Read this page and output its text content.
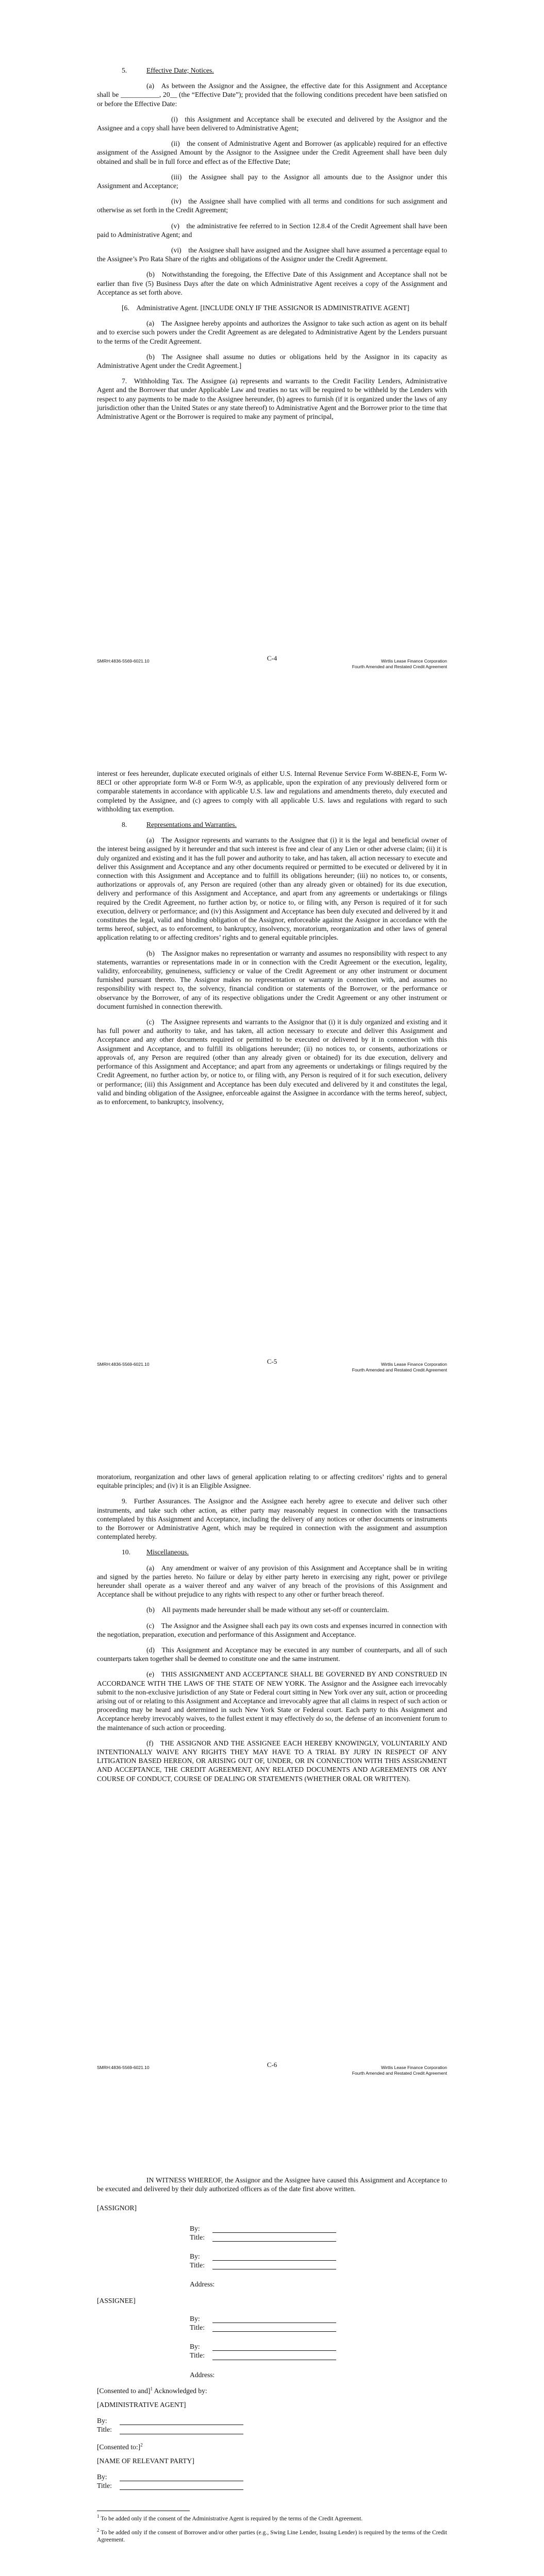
5.	Effective Date; Notices.

(a) As between the Assignor and the Assignee, the effective date for this Assignment and Acceptance shall be ___________, 20__ (the “Effective Date”); provided that the following conditions precedent have been satisfied on or before the Effective Date:

(i) this Assignment and Acceptance shall be executed and delivered by the Assignor and the Assignee and a copy shall have been delivered to Administrative Agent;

(ii) the consent of Administrative Agent and Borrower (as applicable) required for an effective assignment of the Assigned Amount by the Assignor to the Assignee under the Credit Agreement shall have been duly obtained and shall be in full force and effect as of the Effective Date;

(iii) the Assignee shall pay to the Assignor all amounts due to the Assignor under this Assignment and Acceptance;

(iv) the Assignee shall have complied with all terms and conditions for such assignment and otherwise as set forth in the Credit Agreement;

(v) the administrative fee referred to in Section 12.8.4 of the Credit Agreement shall have been paid to Administrative Agent; and

(vi) the Assignee shall have assigned and the Assignee shall have assumed a percentage equal to the Assignee’s Pro Rata Share of the rights and obligations of the Assignor under the Credit Agreement.

(b) Notwithstanding the foregoing, the Effective Date of this Assignment and Acceptance shall not be earlier than five (5) Business Days after the date on which Administrative Agent receives a copy of the Assignment and Acceptance as set forth above.

[6. Administrative Agent. [INCLUDE ONLY IF THE ASSIGNOR IS ADMINISTRATIVE AGENT]

(a) The Assignee hereby appoints and authorizes the Assignor to take such action as agent on its behalf and to exercise such powers under the Credit Agreement as are delegated to Administrative Agent by the Lenders pursuant to the terms of the Credit Agreement.

(b) The Assignee shall assume no duties or obligations held by the Assignor in its capacity as Administrative Agent under the Credit Agreement.]

7. Withholding Tax. The Assignee (a) represents and warrants to the Credit Facility Lenders, Administrative Agent and the Borrower that under Applicable Law and treaties no tax will be required to be withheld by the Lenders with respect to any payments to be made to the Assignee hereunder, (b) agrees to furnish (if it is organized under the laws of any jurisdiction other than the United States or any state thereof) to Administrative Agent and the Borrower prior to the time that Administrative Agent or the Borrower is required to make any payment of principal,

SMRH:4836-5569-6021.10	C-4	Wirtlis Lease Finance Corporation
Fourth Amended and Restated Credit Agreement

interest or fees hereunder, duplicate executed originals of either U.S. Internal Revenue Service Form W-8BEN-E, Form W-8ECI or other appropriate form W-8 or Form W-9, as applicable, upon the expiration of any previously delivered form or comparable statements in accordance with applicable U.S. law and regulations and amendments thereto, duly executed and completed by the Assignee, and (c) agrees to comply with all applicable U.S. laws and regulations with regard to such withholding tax exemption.

8.	Representations and Warranties.

(a) The Assignor represents and warrants to the Assignee that (i) it is the legal and beneficial owner of the interest being assigned by it hereunder and that such interest is free and clear of any Lien or other adverse claim; (ii) it is duly organized and existing and it has the full power and authority to take, and has taken, all action necessary to execute and deliver this Assignment and Acceptance and any other documents required or permitted to be executed or delivered by it in connection with this Assignment and Acceptance and to fulfill its obligations hereunder; (iii) no notices to, or consents, authorizations or approvals of, any Person are required (other than any already given or obtained) for its due execution, delivery and performance of this Assignment and Acceptance, and apart from any agreements or undertakings or filings required by the Credit Agreement, no further action by, or notice to, or filing with, any Person is required of it for such execution, delivery or performance; and (iv) this Assignment and Acceptance has been duly executed and delivered by it and constitutes the legal, valid and binding obligation of the Assignor, enforceable against the Assignor in accordance with the terms hereof, subject, as to enforcement, to bankruptcy, insolvency, moratorium, reorganization and other laws of general application relating to or affecting creditors’ rights and to general equitable principles.

(b) The Assignor makes no representation or warranty and assumes no responsibility with respect to any statements, warranties or representations made in or in connection with the Credit Agreement or the execution, legality, validity, enforceability, genuineness, sufficiency or value of the Credit Agreement or any other instrument or document furnished pursuant thereto. The Assignor makes no representation or warranty in connection with, and assumes no responsibility with respect to, the solvency, financial condition or statements of the Borrower, or the performance or observance by the Borrower, of any of its respective obligations under the Credit Agreement or any other instrument or document furnished in connection therewith.

(c) The Assignee represents and warrants to the Assignor that (i) it is duly organized and existing and it has full power and authority to take, and has taken, all action necessary to execute and deliver this Assignment and Acceptance and any other documents required or permitted to be executed or delivered by it in connection with this Assignment and Acceptance, and to fulfill its obligations hereunder; (ii) no notices to, or consents, authorizations or approvals of, any Person are required (other than any already given or obtained) for its due execution, delivery and performance of this Assignment and Acceptance; and apart from any agreements or undertakings or filings required by the Credit Agreement, no further action by, or notice to, or filing with, any Person is required of it for such execution, delivery or performance; (iii) this Assignment and Acceptance has been duly executed and delivered by it and constitutes the legal, valid and binding obligation of the Assignee, enforceable against the Assignee in accordance with the terms hereof, subject, as to enforcement, to bankruptcy, insolvency,

SMRH:4836-5569-6021.10	C-5	Wirtlis Lease Finance Corporation
Fourth Amended and Restated Credit Agreement

moratorium, reorganization and other laws of general application relating to or affecting creditors’ rights and to general equitable principles; and (iv) it is an Eligible Assignee.

9. Further Assurances. The Assignor and the Assignee each hereby agree to execute and deliver such other instruments, and take such other action, as either party may reasonably request in connection with the transactions contemplated by this Assignment and Acceptance, including the delivery of any notices or other documents or instruments to the Borrower or Administrative Agent, which may be required in connection with the assignment and assumption contemplated hereby.

10. Miscellaneous.

(a) Any amendment or waiver of any provision of this Assignment and Acceptance shall be in writing and signed by the parties hereto. No failure or delay by either party hereto in exercising any right, power or privilege hereunder shall operate as a waiver thereof and any waiver of any breach of the provisions of this Assignment and Acceptance shall be without prejudice to any rights with respect to any other or further breach thereof.

(b) All payments made hereunder shall be made without any set-off or counterclaim.

(c) The Assignor and the Assignee shall each pay its own costs and expenses incurred in connection with the negotiation, preparation, execution and performance of this Assignment and Acceptance.

(d) This Assignment and Acceptance may be executed in any number of counterparts, and all of such counterparts taken together shall be deemed to constitute one and the same instrument.

(e) THIS ASSIGNMENT AND ACCEPTANCE SHALL BE GOVERNED BY AND CONSTRUED IN ACCORDANCE WITH THE LAWS OF THE STATE OF NEW YORK. The Assignor and the Assignee each irrevocably submit to the non-exclusive jurisdiction of any State or Federal court sitting in New York over any suit, action or proceeding arising out of or relating to this Assignment and Acceptance and irrevocably agree that all claims in respect of such action or proceeding may be heard and determined in such New York State or Federal court. Each party to this Assignment and Acceptance hereby irrevocably waives, to the fullest extent it may effectively do so, the defense of an inconvenient forum to the maintenance of such action or proceeding.

(f) THE ASSIGNOR AND THE ASSIGNEE EACH HEREBY KNOWINGLY, VOLUNTARILY AND INTENTIONALLY WAIVE ANY RIGHTS THEY MAY HAVE TO A TRIAL BY JURY IN RESPECT OF ANY LITIGATION BASED HEREON, OR ARISING OUT OF, UNDER, OR IN CONNECTION WITH THIS ASSIGNMENT AND ACCEPTANCE, THE CREDIT AGREEMENT, ANY RELATED DOCUMENTS AND AGREEMENTS OR ANY COURSE OF CONDUCT, COURSE OF DEALING OR STATEMENTS (WHETHER ORAL OR WRITTEN).

SMRH:4836-5569-6021.10	C-6	Wirtlis Lease Finance Corporation
Fourth Amended and Restated Credit Agreement

IN WITNESS WHEREOF, the Assignor and the Assignee have caused this Assignment and Acceptance to be executed and delivered by their duly authorized officers as of the date first above written.

[ASSIGNOR]

By:
Title:
By:
Title:

Address:

[ASSIGNEE]

By:
Title:
By:
Title:

Address:

[Consented to and]$^1$ Acknowledged by:

[ADMINISTRATIVE AGENT]

By:
Title:

[Consented to:]$^2$

[NAME OF RELEVANT PARTY]

By:
Title:

$^1$ To be added only if the consent of the Administrative Agent is required by the terms of the Credit Agreement.

$^2$ To be added only if the consent of Borrower and/or other parties (e.g., Swing Line Lender, Issuing Lender) is required by the terms of the Credit Agreement.
